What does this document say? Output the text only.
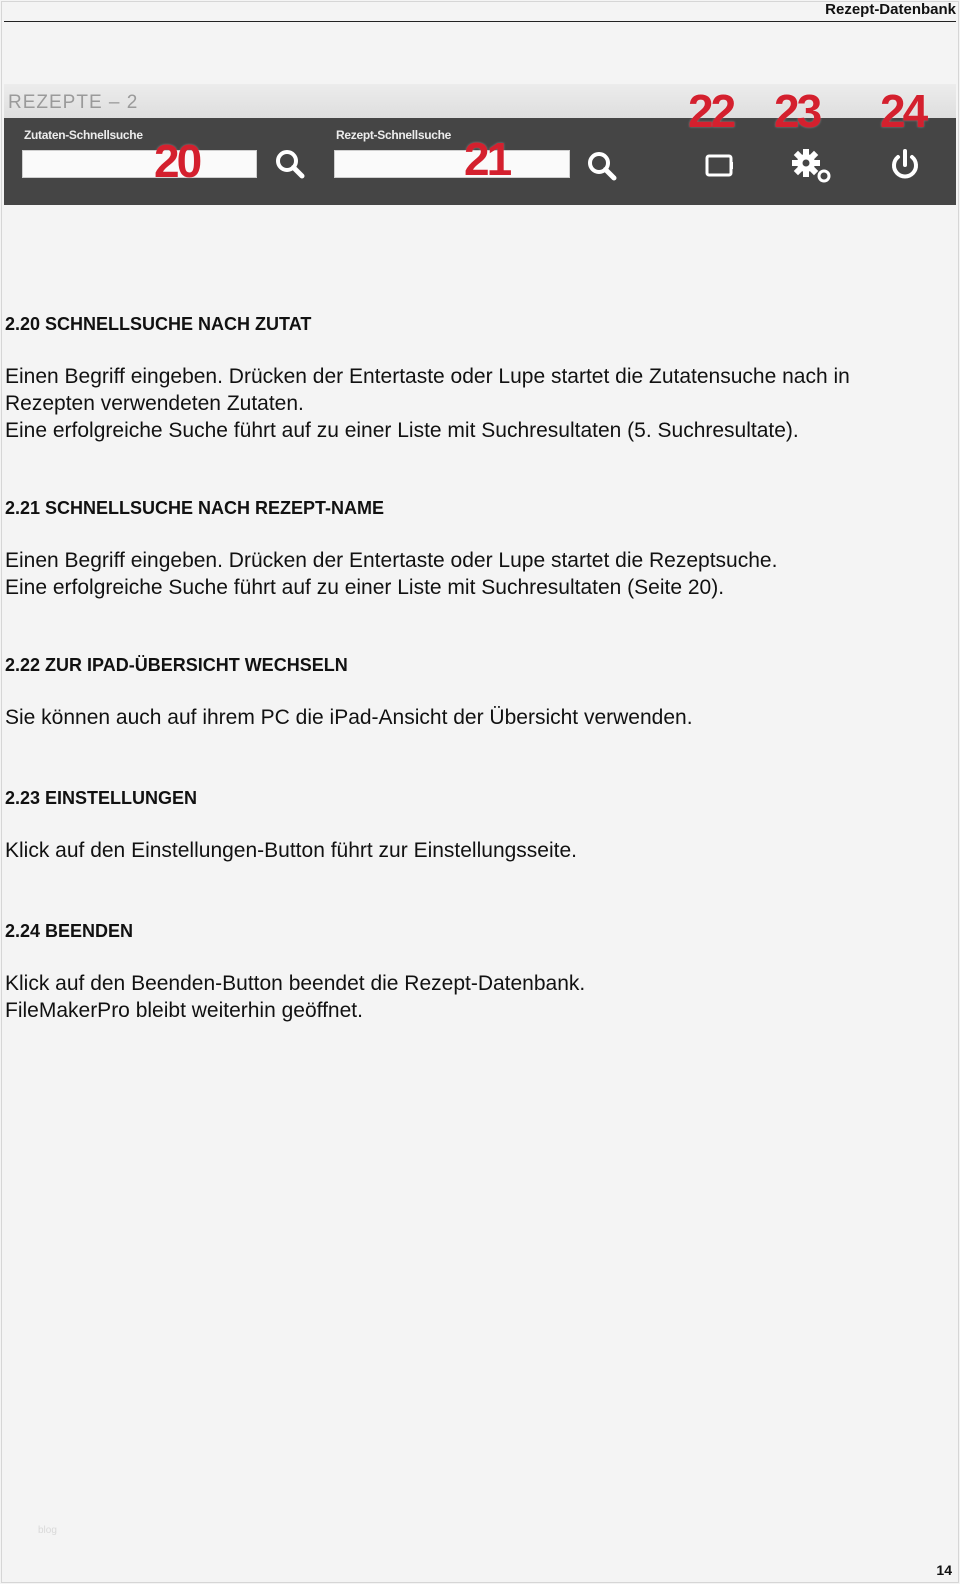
Rezept-Datenbank
REZEPTE – 2
Zutaten-Schnellsuche	Rezept-Schnellsuche
20	21
22 23 24
2.20 SCHNELLSUCHE NACH ZUTAT
Einen Begriff eingeben. Drücken der Entertaste oder Lupe startet die Zutatensuche nach in
Rezepten verwendeten Zutaten.
Eine erfolgreiche Suche führt auf zu einer Liste mit Suchresultaten (5. Suchresultate).
2.21 SCHNELLSUCHE NACH REZEPT-NAME
Einen Begriff eingeben. Drücken der Entertaste oder Lupe startet die Rezeptsuche.
Eine erfolgreiche Suche führt auf zu einer Liste mit Suchresultaten (Seite 20).
2.22 ZUR IPAD-ÜBERSICHT WECHSELN
Sie können auch auf ihrem PC die iPad-Ansicht der Übersicht verwenden.
2.23 EINSTELLUNGEN
Klick auf den Einstellungen-Button führt zur Einstellungsseite.
2.24 BEENDEN
Klick auf den Beenden-Button beendet die Rezept-Datenbank.
FileMakerPro bleibt weiterhin geöffnet.
blog
14
